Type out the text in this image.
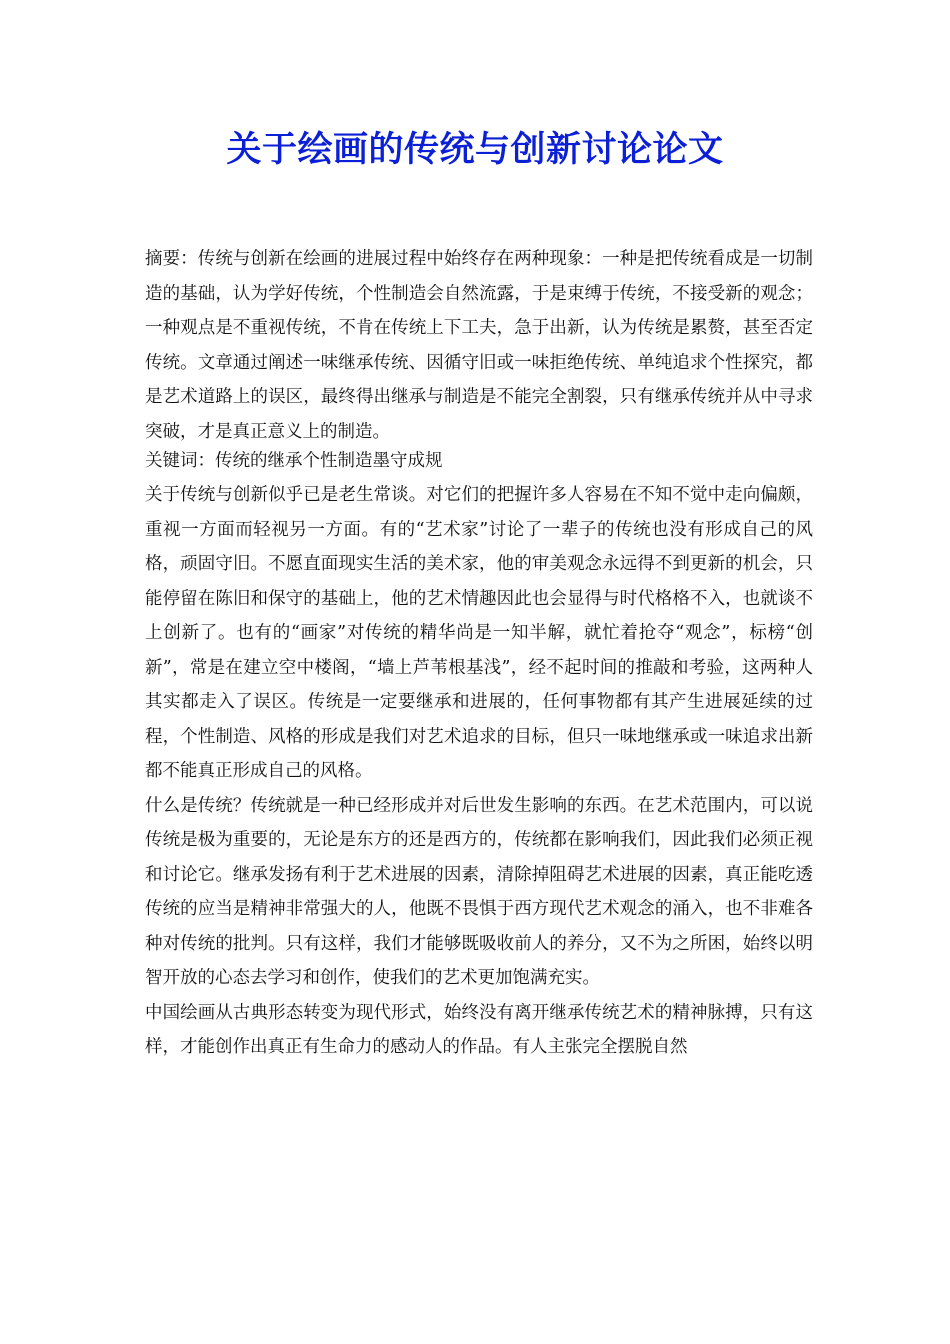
关于绘画的传统与创新讨论论文

摘要：传统与创新在绘画的进展过程中始终存在两种现象：一种是把传统看成是一切制造的基础，认为学好传统，个性制造会自然流露，于是束缚于传统，不接受新的观念；一种观点是不重视传统，不肯在传统上下工夫，急于出新，认为传统是累赘，甚至否定传统。文章通过阐述一味继承传统、因循守旧或一味拒绝传统、单纯追求个性探究，都是艺术道路上的误区，最终得出继承与制造是不能完全割裂，只有继承传统并从中寻求突破，才是真正意义上的制造。

关键词：传统的继承个性制造墨守成规

关于传统与创新似乎已是老生常谈。对它们的把握许多人容易在不知不觉中走向偏颇，重视一方面而轻视另一方面。有的“艺术家”讨论了一辈子的传统也没有形成自己的风格，顽固守旧。不愿直面现实生活的美术家，他的审美观念永远得不到更新的机会，只能停留在陈旧和保守的基础上，他的艺术情趣因此也会显得与时代格格不入，也就谈不上创新了。也有的“画家”对传统的精华尚是一知半解，就忙着抢夺“观念”，标榜“创新”，常是在建立空中楼阁，“墙上芦苇根基浅”，经不起时间的推敲和考验，这两种人其实都走入了误区。传统是一定要继承和进展的，任何事物都有其产生进展延续的过程，个性制造、风格的形成是我们对艺术追求的目标，但只一味地继承或一味追求出新都不能真正形成自己的风格。

什么是传统？传统就是一种已经形成并对后世发生影响的东西。在艺术范围内，可以说传统是极为重要的，无论是东方的还是西方的，传统都在影响我们，因此我们必须正视和讨论它。继承发扬有利于艺术进展的因素，清除掉阻碍艺术进展的因素，真正能吃透传统的应当是精神非常强大的人，他既不畏惧于西方现代艺术观念的涌入，也不非难各种对传统的批判。只有这样，我们才能够既吸收前人的养分，又不为之所困，始终以明智开放的心态去学习和创作，使我们的艺术更加饱满充实。

中国绘画从古典形态转变为现代形式，始终没有离开继承传统艺术的精神脉搏，只有这样，才能创作出真正有生命力的感动人的作品。有人主张完全摆脱自然
